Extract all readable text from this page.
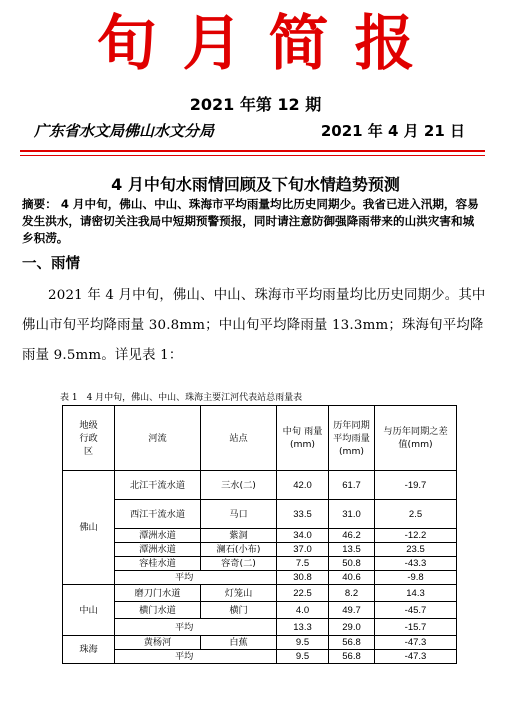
旬 月 简 报
2021 年第 12 期
广东省水文局佛山水文分局	2021 年 4 月 21 日
4 月中旬水雨情回顾及下旬水情趋势预测
摘要： 4 月中旬，佛山、中山、珠海市平均雨量均比历史同期少。我省已进入汛期，容易发生洪水，请密切关注我局中短期预警预报，同时请注意防御强降雨带来的山洪灾害和城乡积涝。
一、雨情
2021 年 4 月中旬，佛山、中山、珠海市平均雨量均比历史同期少。其中佛山市旬平均降雨量 30.8mm；中山旬平均降雨量 13.3mm；珠海旬平均降雨量 9.5mm。详见表 1：
表 1　4 月中旬，佛山、中山、珠海主要江河代表站总雨量表
地级行政区	河流	站点	中旬 雨量(mm)	历年同期平均雨量(mm)	与历年同期之差值(mm)
佛山	北江干流水道	三水(二)	42.0	61.7	-19.7
	西江干流水道	马口	33.5	31.0	2.5
	潭洲水道	紫洞	34.0	46.2	-12.2
	潭洲水道	澜石(小布)	37.0	13.5	23.5
	容桂水道	容奇(二)	7.5	50.8	-43.3
	平均		30.8	40.6	-9.8
中山	磨刀门水道	灯笼山	22.5	8.2	14.3
	横门水道	横门	4.0	49.7	-45.7
	平均		13.3	29.0	-15.7
珠海	黄杨河	白蕉	9.5	56.8	-47.3
	平均		9.5	56.8	-47.3
